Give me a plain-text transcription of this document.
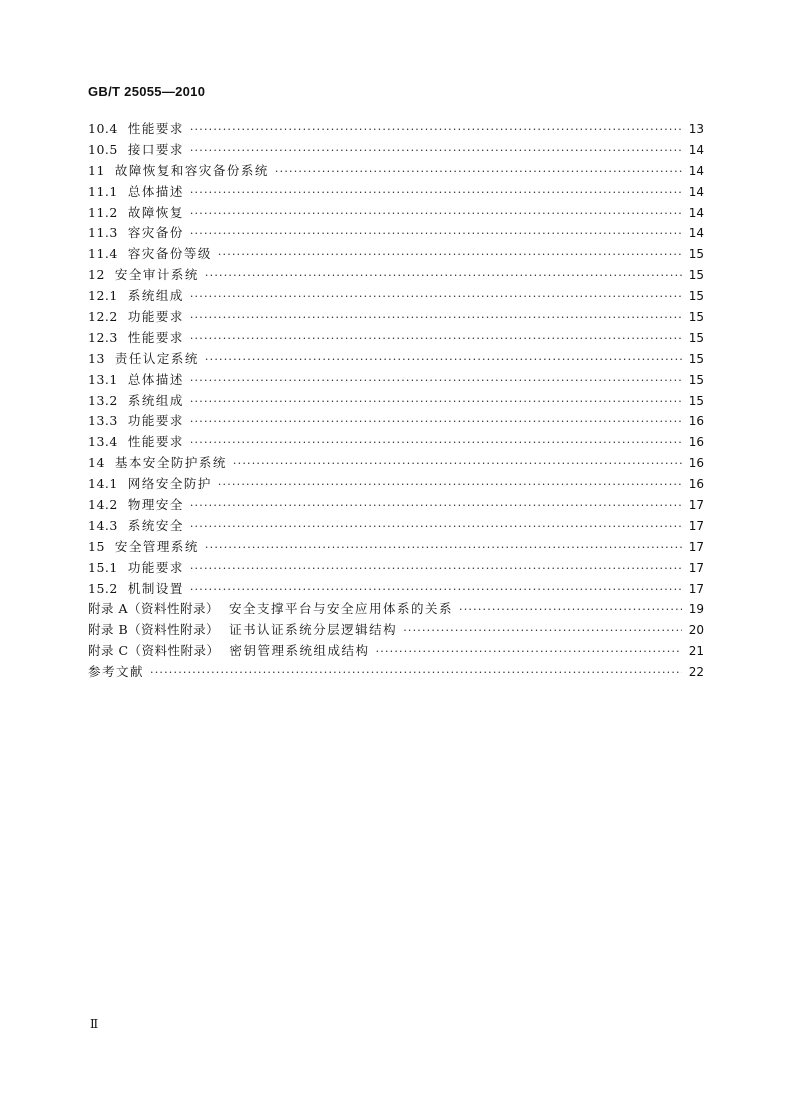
GB/T 25055—2010
10.4 性能要求 ·····	13
10.5 接口要求 ·····	14
11 故障恢复和容灾备份系统 ·····	14
11.1 总体描述 ·····	14
11.2 故障恢复 ·····	14
11.3 容灾备份 ·····	14
11.4 容灾备份等级 ·····	15
12 安全审计系统 ·····	15
12.1 系统组成 ·····	15
12.2 功能要求 ·····	15
12.3 性能要求 ·····	15
13 责任认定系统 ·····	15
13.1 总体描述 ·····	15
13.2 系统组成 ·····	15
13.3 功能要求 ·····	16
13.4 性能要求 ·····	16
14 基本安全防护系统 ·····	16
14.1 网络安全防护 ·····	16
14.2 物理安全 ·····	17
14.3 系统安全 ·····	17
15 安全管理系统 ·····	17
15.1 功能要求 ·····	17
15.2 机制设置 ·····	17
附录 A（资料性附录） 安全支撑平台与安全应用体系的关系 ·····	19
附录 B（资料性附录） 证书认证系统分层逻辑结构 ·····	20
附录 C（资料性附录） 密钥管理系统组成结构 ·····	21
参考文献 ·····	22
Ⅱ
